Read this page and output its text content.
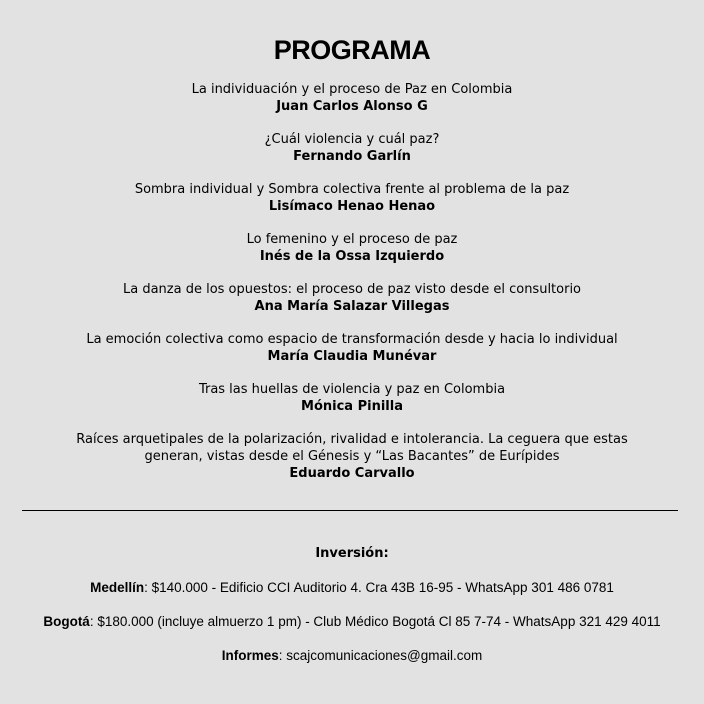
PROGRAMA
La individuación y el proceso de Paz en Colombia
Juan Carlos Alonso G
¿Cuál violencia y cuál paz?
Fernando Garlín
Sombra individual y Sombra colectiva frente al problema de la paz
Lisímaco Henao Henao
Lo femenino y el proceso de paz
Inés de la Ossa Izquierdo
La danza de los opuestos: el proceso de paz visto desde el consultorio
Ana María Salazar Villegas
La emoción colectiva como espacio de transformación desde y hacia lo individual
María Claudia Munévar
Tras las huellas de violencia y paz en Colombia
Mónica Pinilla
Raíces arquetipales de la polarización, rivalidad e intolerancia. La ceguera que estas
generan, vistas desde el Génesis y “Las Bacantes” de Eurípides
Eduardo Carvallo
Inversión:
Medellín: $140.000 - Edificio CCI Auditorio 4. Cra 43B 16-95 - WhatsApp 301 486 0781
Bogotá: $180.000 (incluye almuerzo 1 pm) - Club Médico Bogotá Cl 85 7-74 - WhatsApp 321 429 4011
Informes: scajcomunicaciones@gmail.com
